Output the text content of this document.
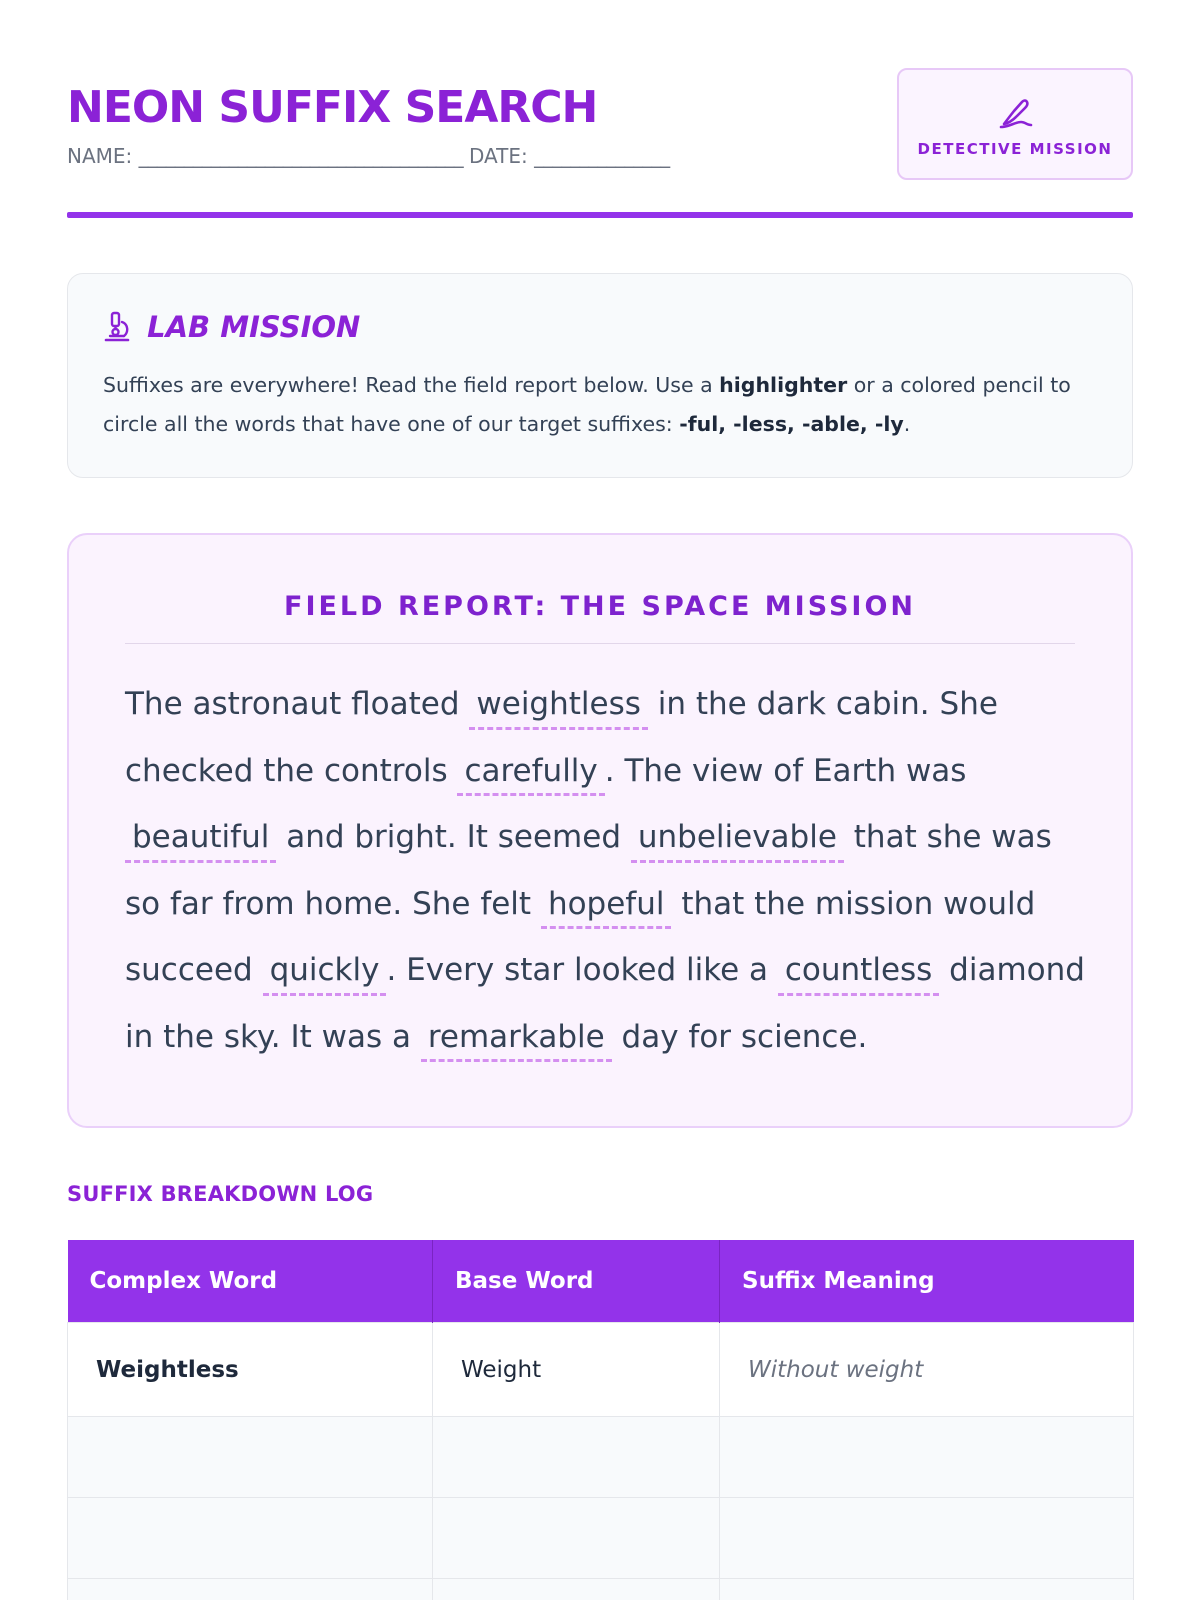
NEON SUFFIX SEARCH
NAME: ____________________________________ DATE: _______________	DETECTIVE MISSION
LAB MISSION
Suffixes are everywhere! Read the field report below. Use a highlighter or a colored pencil to circle all the words that have one of our target suffixes: -ful, -less, -able, -ly.
FIELD REPORT: THE SPACE MISSION
The astronaut floated weightless in the dark cabin. She checked the controls carefully . The view of Earth was beautiful and bright. It seemed unbelievable that she was so far from home. She felt hopeful that the mission would succeed quickly . Every star looked like a countless diamond in the sky. It was a remarkable day for science.
SUFFIX BREAKDOWN LOG
Complex Word	Base Word	Suffix Meaning
Weightless	Weight	Without weight
